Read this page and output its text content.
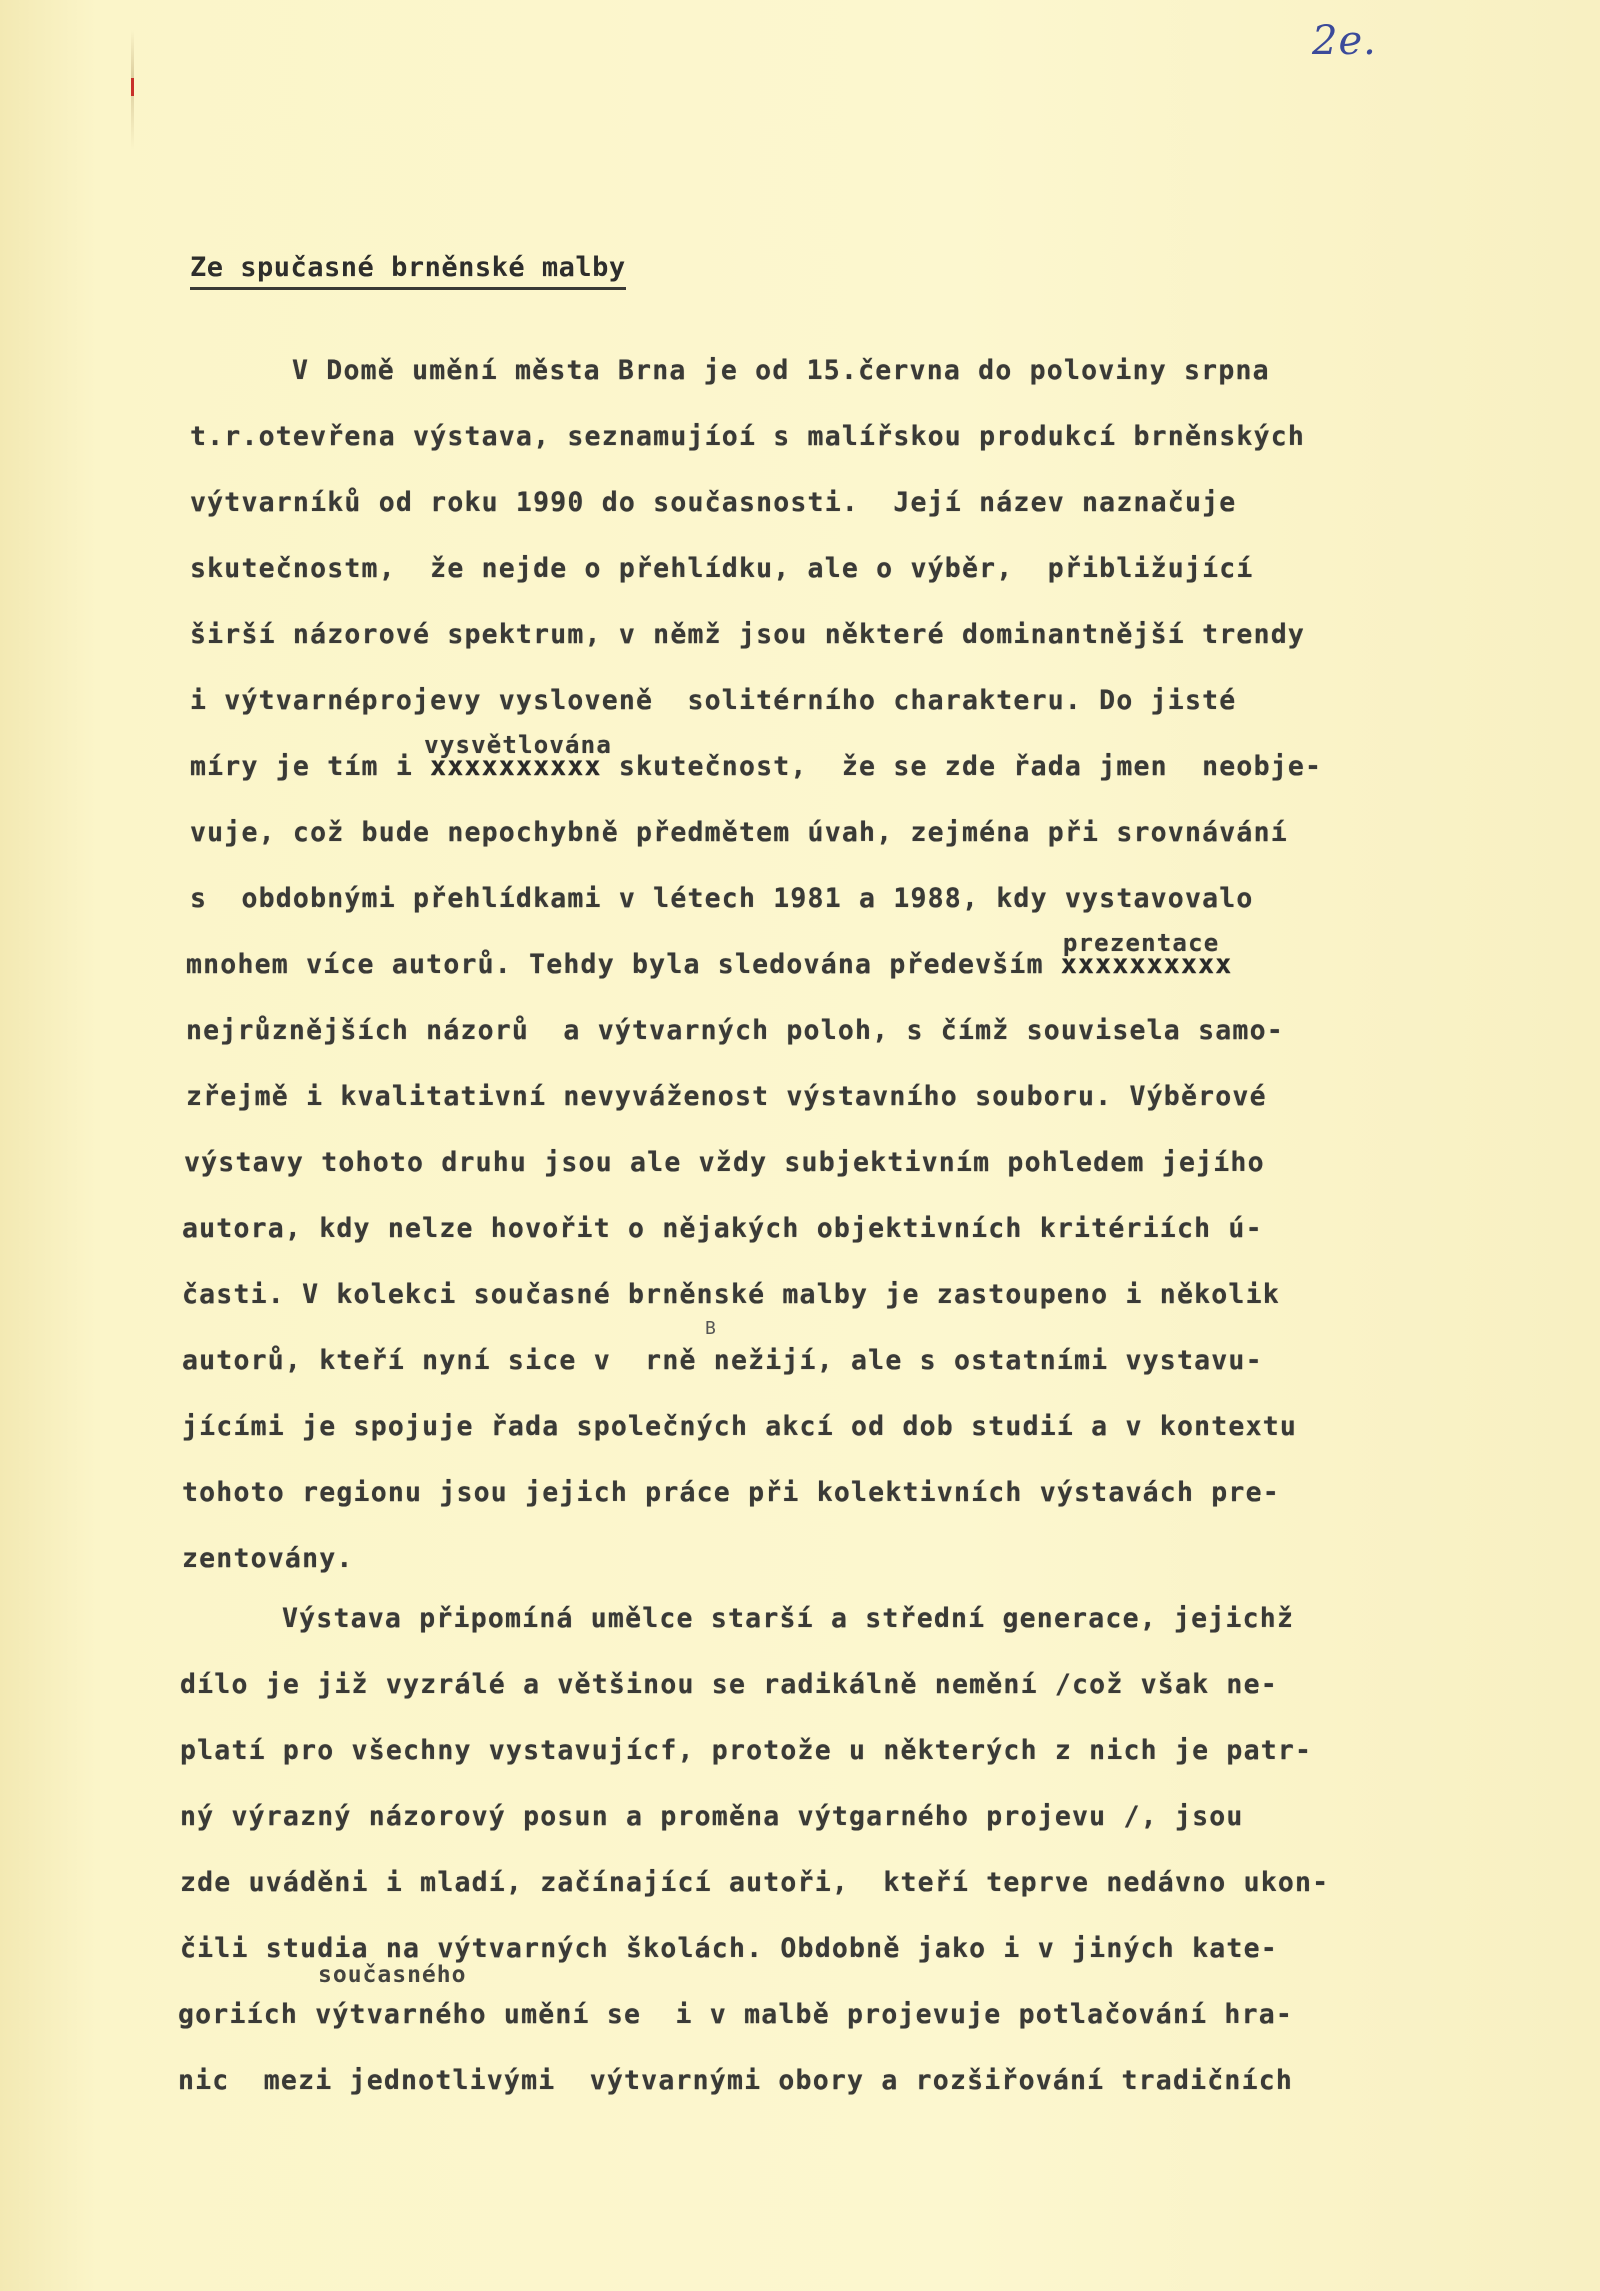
2e.
Ze spučasné brněnské malby
V Domě umění města Brna je od 15.června do poloviny srpna
t.r.otevřena výstava, seznamujíoí s malířskou produkcí brněnských
výtvarníků od roku 1990 do současnosti.  Její název naznačuje
skutečnostm,  že nejde o přehlídku, ale o výběr,  přibližující
širší názorové spektrum, v němž jsou některé dominantnější trendy
i výtvarnéprojevy vysloveně  solitérního charakteru. Do jisté
míry je tím i xxxxxxxxxx
vysvětlována
skutečnost,  že se zde řada jmen  neobje-
vuje, což bude nepochybně předmětem úvah, zejména při srovnávání
s  obdobnými přehlídkami v létech 1981 a 1988, kdy vystavovalo
mnohem více autorů. Tehdy byla sledována především xxxxxxxxxx
prezentace
nejrůznějších názorů  a výtvarných poloh, s čímž souvisela samo-
zřejmě i kvalitativní nevyváženost výstavního souboru. Výběrové
výstavy tohoto druhu jsou ale vždy subjektivním pohledem jejího
autora, kdy nelze hovořit o nějakých objektivních kritériích ú-
časti. V kolekci současné brněnské malby je zastoupeno i několik
autorů, kteří nyní sice v  rně nežijí, ale s ostatními vystavu-
B
jícími je spojuje řada společných akcí od dob studií a v kontextu
tohoto regionu jsou jejich práce při kolektivních výstavách pre-
zentovány.
Výstava připomíná umělce starší a střední generace, jejichž
dílo je již vyzrálé a většinou se radikálně nemění /což však ne-
platí pro všechny vystavujícf, protože u některých z nich je patr-
ný výrazný názorový posun a proměna výtgarného projevu /, jsou
zde uváděni i mladí, začínající autoři,  kteří teprve nedávno ukon-
čili studia na výtvarných školách. Obdobně jako i v jiných kate-
současného
goriích výtvarného umění se  i v malbě projevuje potlačování hra-
nic  mezi jednotlivými  výtvarnými obory a rozšiřování tradičních
